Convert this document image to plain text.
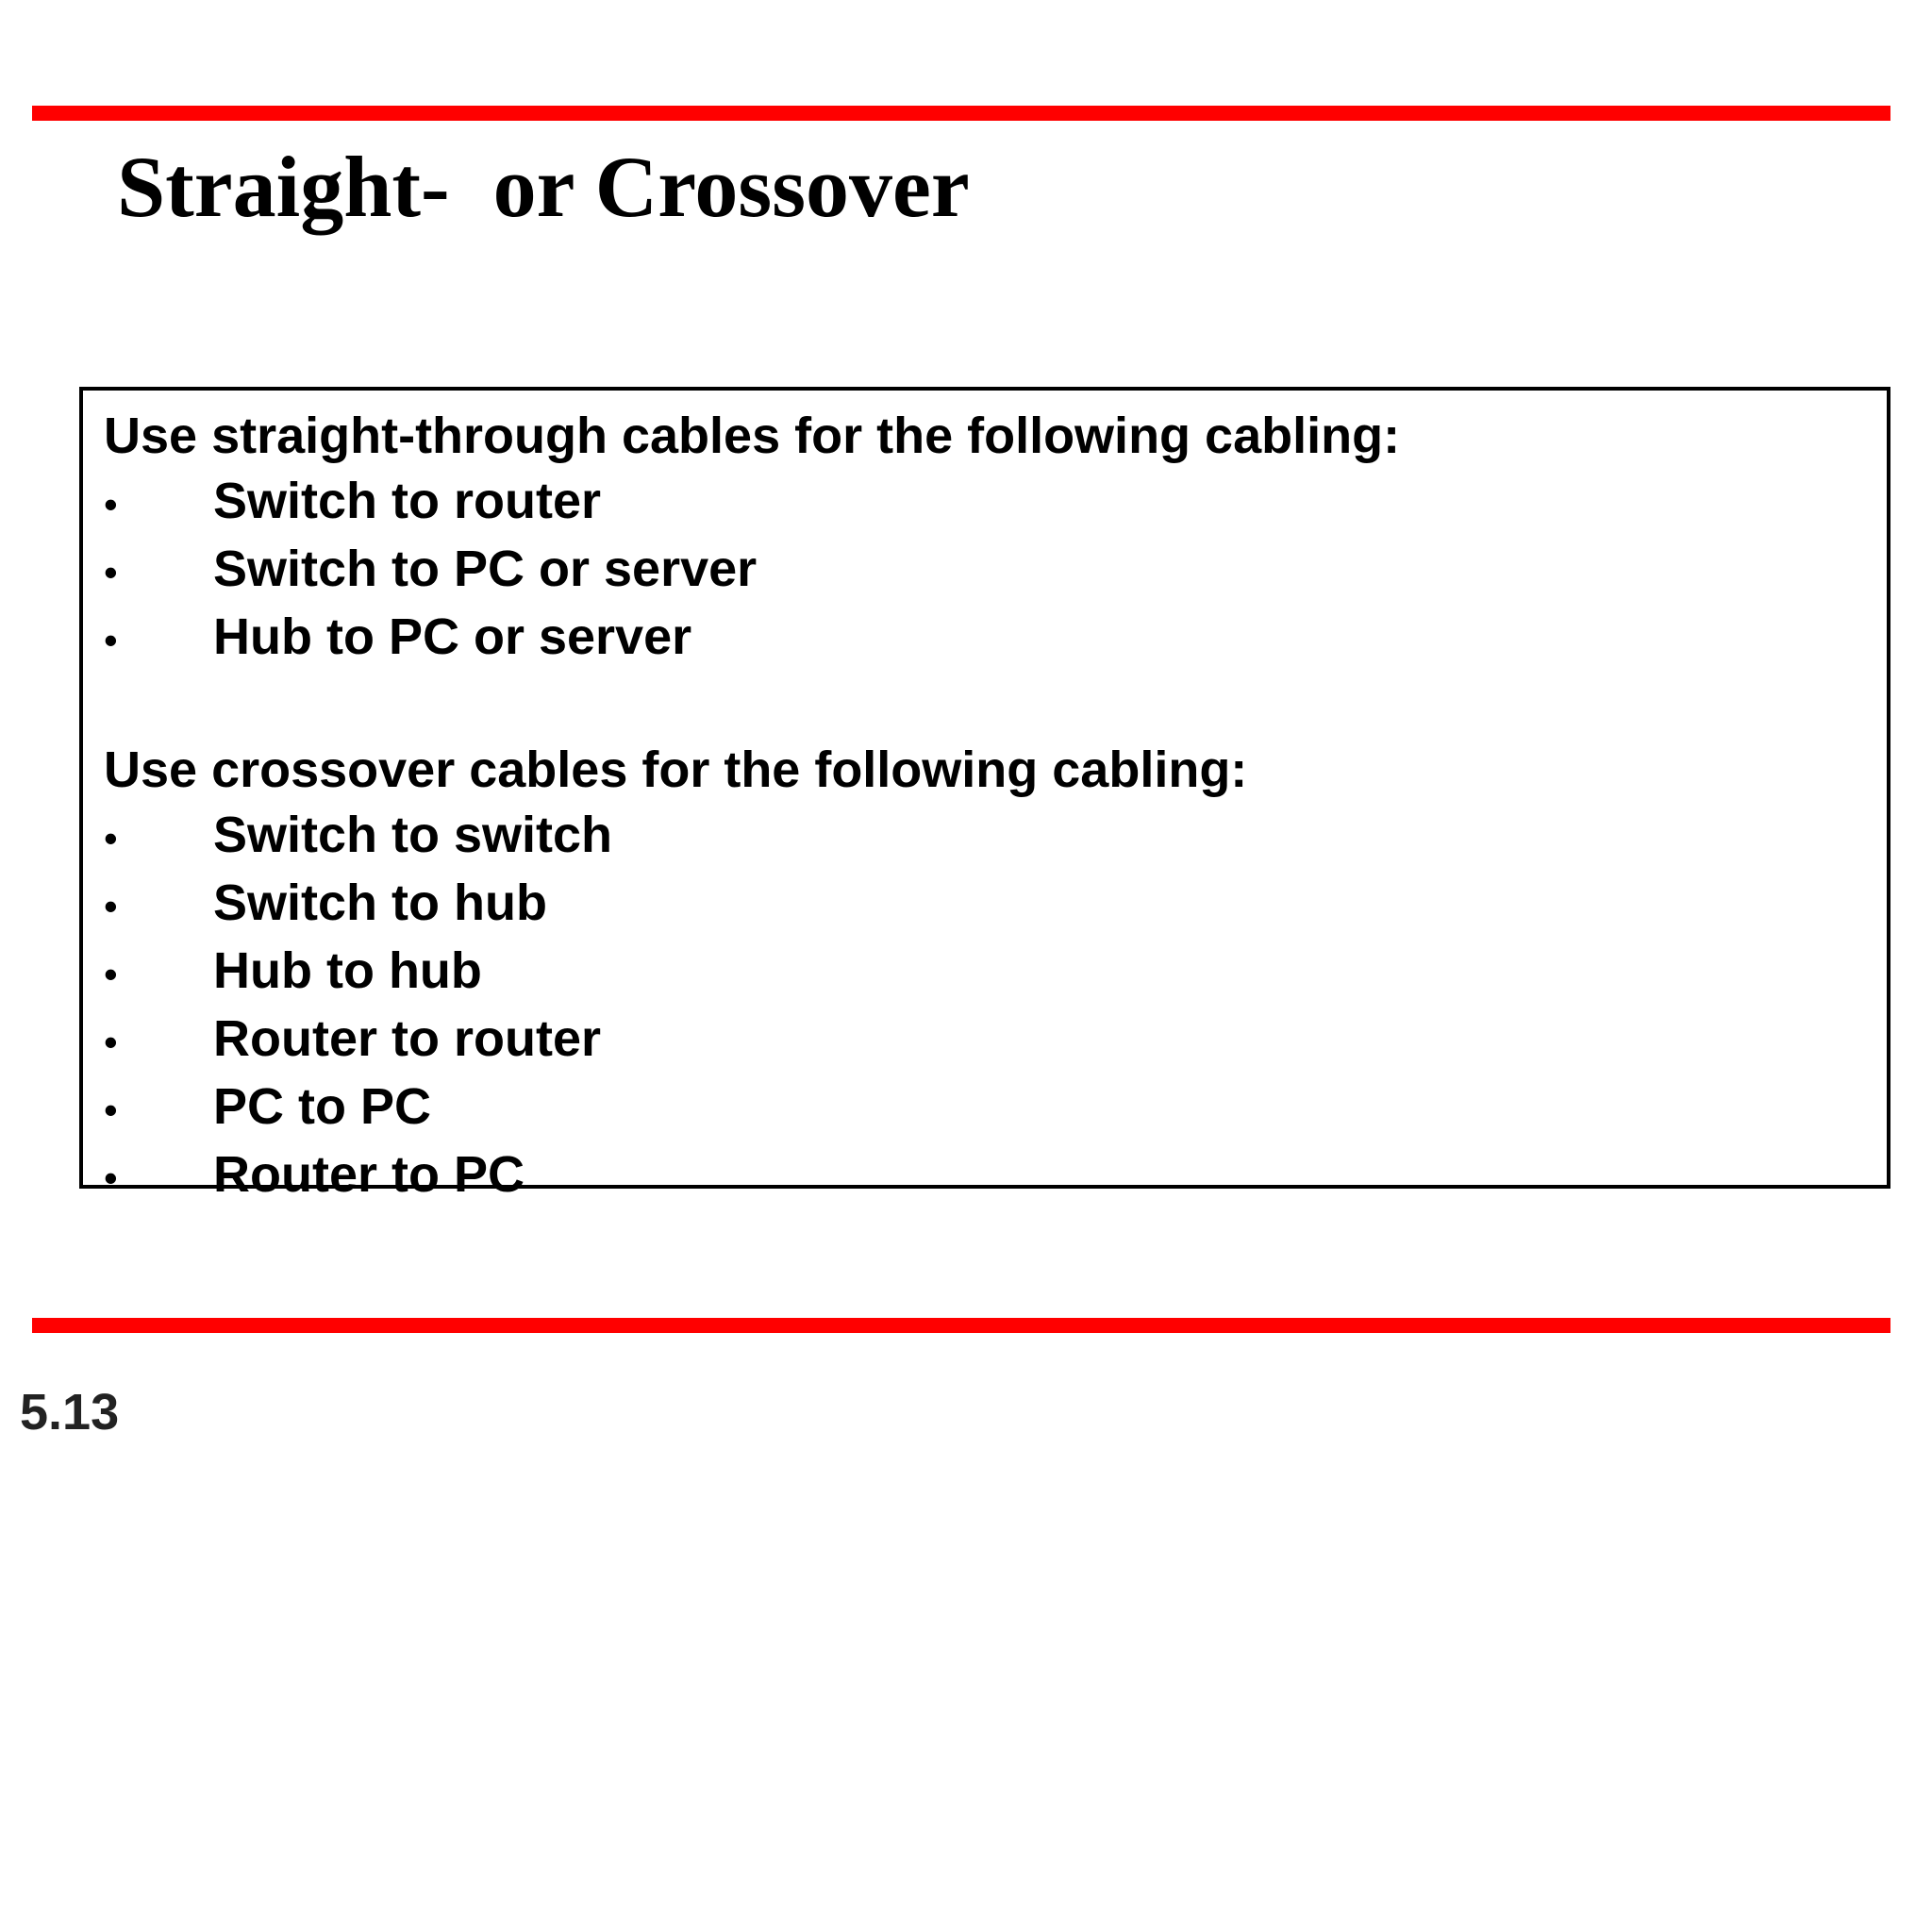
Straight-  or Crossover

Use straight-through cables for the following cabling:

•	Switch to router
•	Switch to PC or server
•	Hub to PC or server

Use crossover cables for the following cabling:

•	Switch to switch
•	Switch to hub
•	Hub to hub
•	Router to router
•	PC to PC
•	Router to PC
5.13
